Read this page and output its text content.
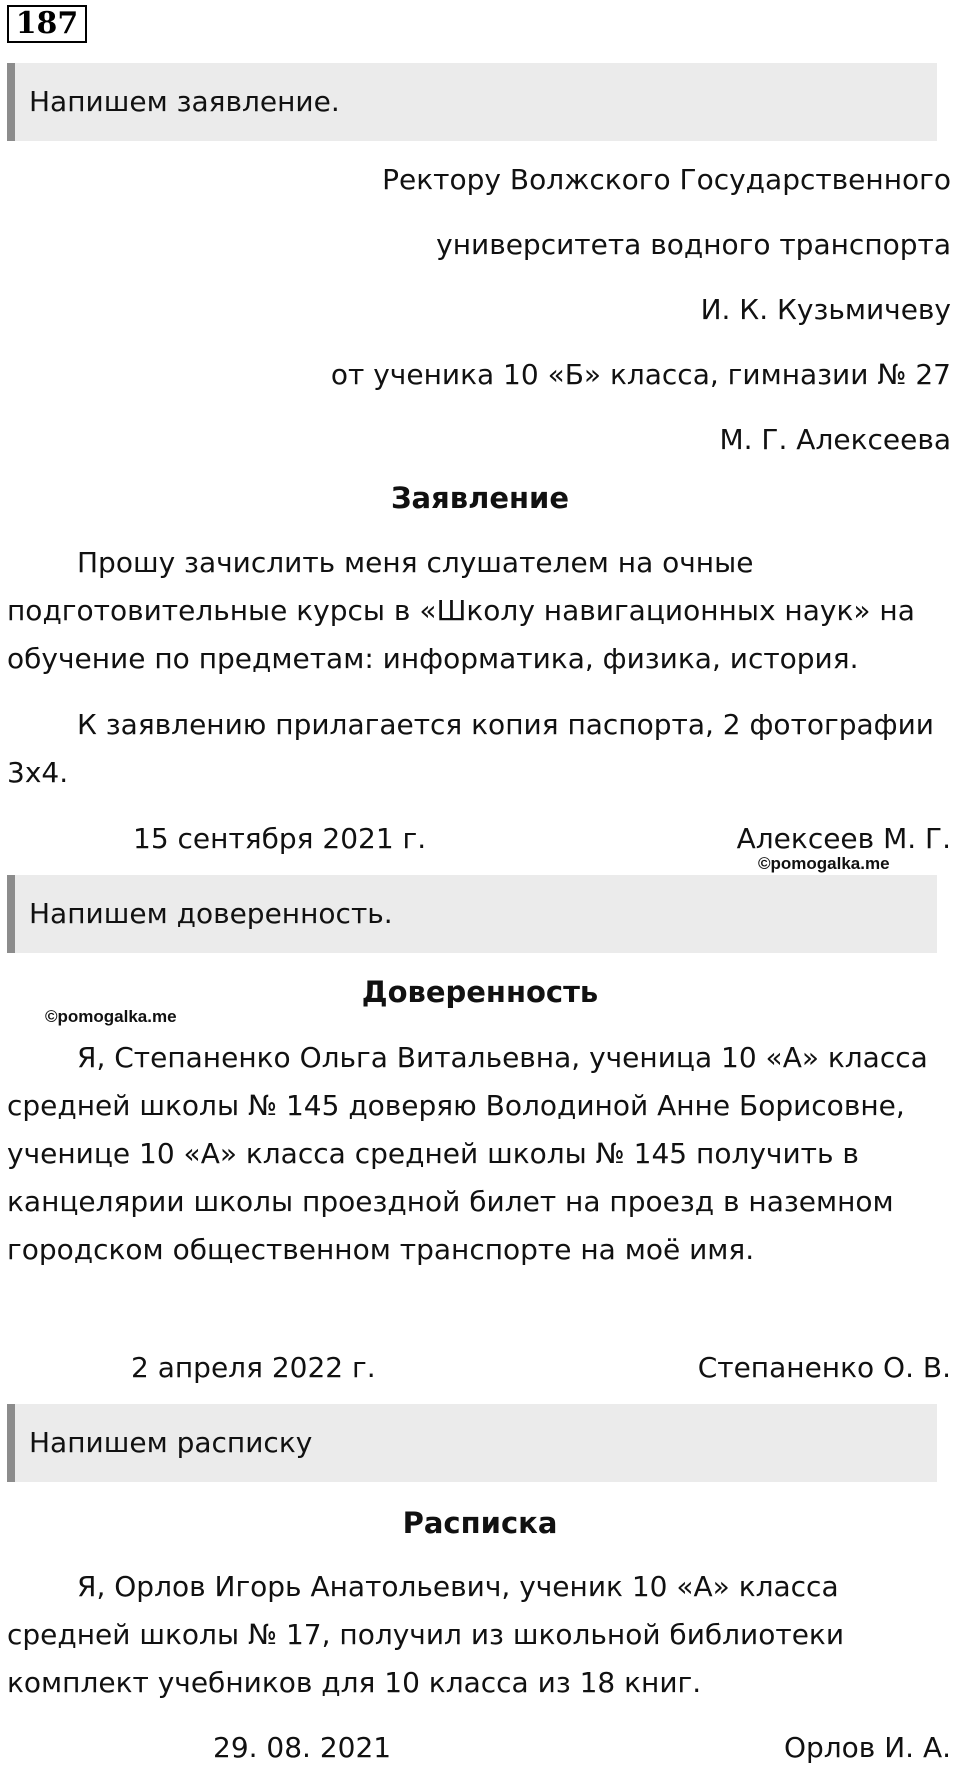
187
Напишем заявление.
Ректору Волжского Государственного
университета водного транспорта
И. К. Кузьмичеву
от ученика 10 «Б» класса, гимназии № 27
М. Г. Алексеева
Заявление

Прошу зачислить меня слушателем на очные подготовительные курсы в «Школу навигационных наук» на обучение по предметам: информатика, физика, история.

К заявлению прилагается копия паспорта, 2 фотографии 3х4.

15 сентября 2021 г.	Алексеев М. Г.
©pomogalka.me
Напишем доверенность.
Доверенность
©pomogalka.me

Я, Степаненко Ольга Витальевна, ученица 10 «А» класса средней школы № 145 доверяю Володиной Анне Борисовне, ученице 10 «А» класса средней школы № 145 получить в канцелярии школы проездной билет на проезд в наземном городском общественном транспорте на моё имя.

2 апреля 2022 г.	Степаненко О. В.
Напишем расписку
Расписка

Я, Орлов Игорь Анатольевич, ученик 10 «А» класса средней школы № 17, получил из школьной библиотеки комплект учебников для 10 класса из 18 книг.

29. 08. 2021	Орлов И. А.
